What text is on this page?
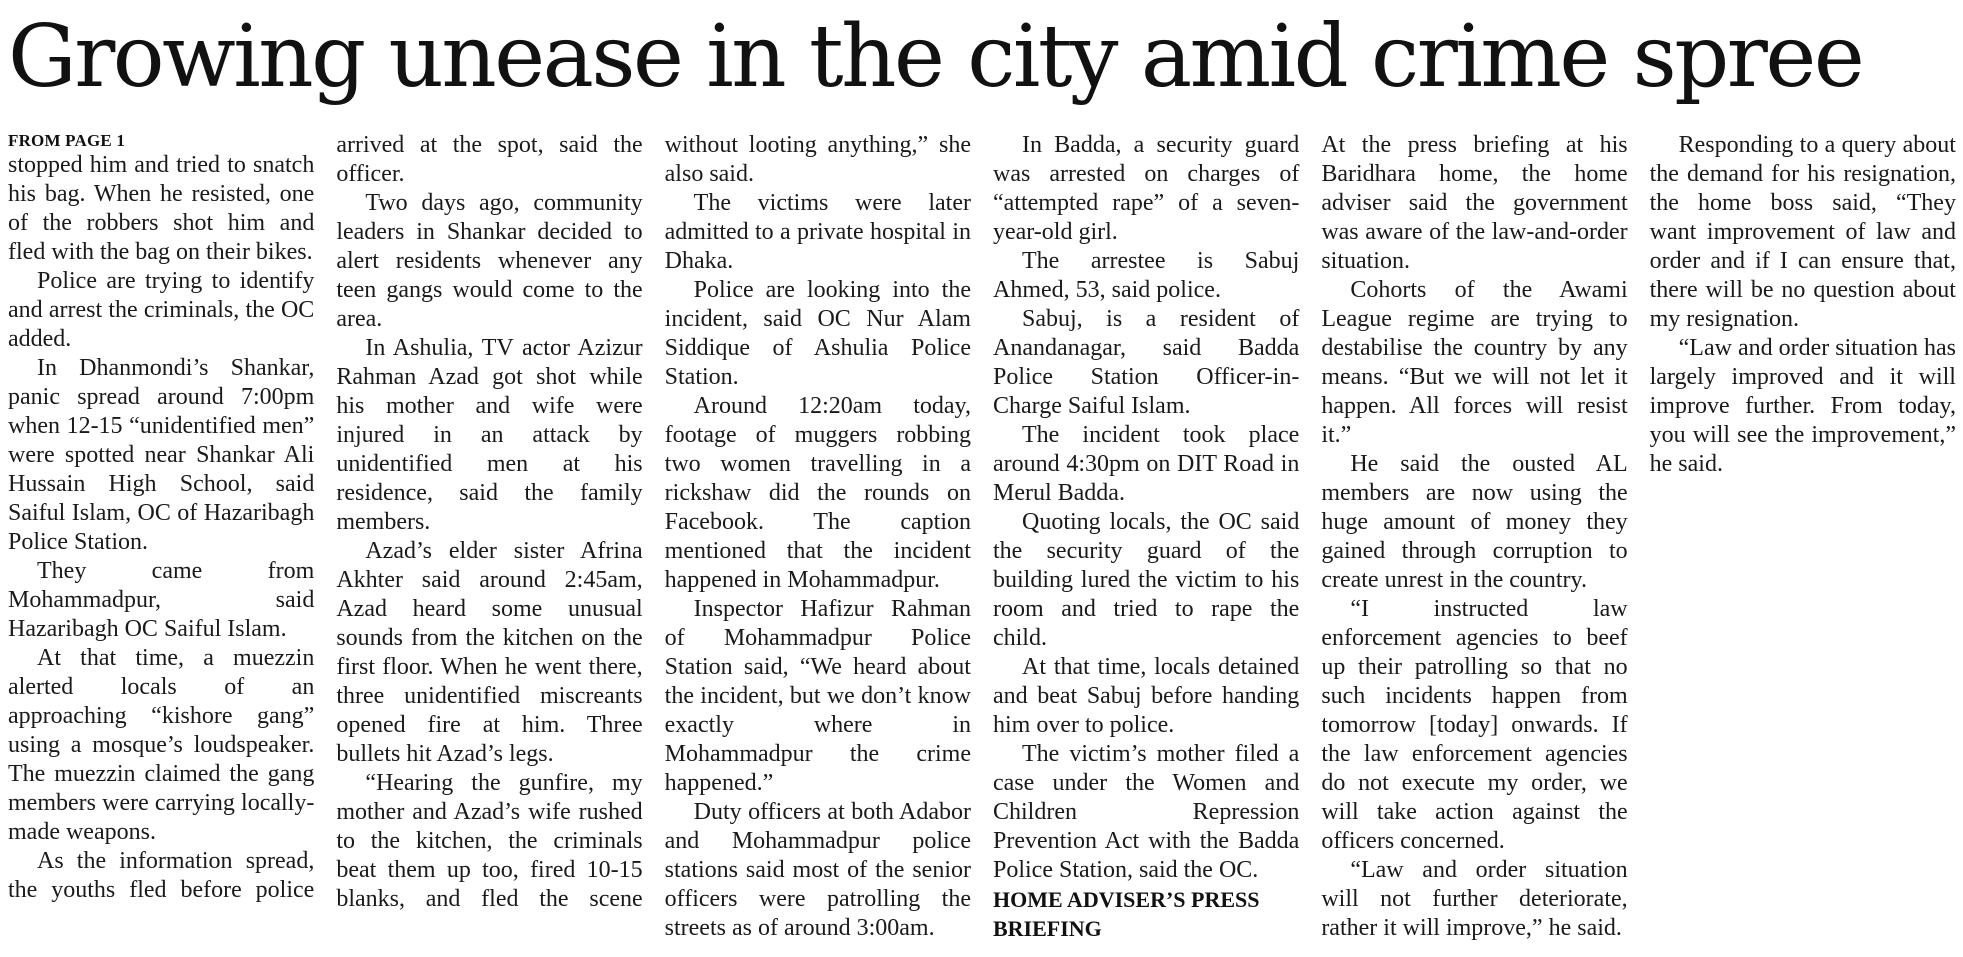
Growing unease in the city amid crime spree
FROM PAGE 1

stopped him and tried to snatch his bag. When he resisted, one of the robbers shot him and fled with the bag on their bikes.

Police are trying to identify and arrest the criminals, the OC added.

In Dhanmondi’s Shankar, panic spread around 7:00pm when 12-15 “unidentified men” were spotted near Shankar Ali Hussain High School, said Saiful Islam, OC of Hazaribagh Police Station.

They came from Mohammadpur, said Hazaribagh OC Saiful Islam.

At that time, a muezzin alerted locals of an approaching “kishore gang” using a mosque’s loudspeaker. The muezzin claimed the gang members were carrying locally-made weapons.

As the information spread, the youths fled before police arrived at the spot, said the officer.

Two days ago, community leaders in Shankar decided to alert residents whenever any teen gangs would come to the area.

In Ashulia, TV actor Azizur Rahman Azad got shot while his mother and wife were injured in an attack by unidentified men at his residence, said the family members.

Azad’s elder sister Afrina Akhter said around 2:45am, Azad heard some unusual sounds from the kitchen on the first floor. When he went there, three unidentified miscreants opened fire at him. Three bullets hit Azad’s legs.

“Hearing the gunfire, my mother and Azad’s wife rushed to the kitchen, the criminals beat them up too, fired 10-15 blanks, and fled the scene without looting anything,” she also said.

The victims were later admitted to a private hospital in Dhaka.

Police are looking into the incident, said OC Nur Alam Siddique of Ashulia Police Station.

Around 12:20am today, footage of muggers robbing two women travelling in a rickshaw did the rounds on Facebook. The caption mentioned that the incident happened in Mohammadpur.

Inspector Hafizur Rahman of Mohammadpur Police Station said, “We heard about the incident, but we don’t know exactly where in Mohammadpur the crime happened.”

Duty officers at both Adabor and Mohammadpur police stations said most of the senior officers were patrolling the streets as of around 3:00am.

In Badda, a security guard was arrested on charges of “attempted rape” of a seven-year-old girl.

The arrestee is Sabuj Ahmed, 53, said police.

Sabuj, is a resident of Anandanagar, said Badda Police Station Officer-in-Charge Saiful Islam.

The incident took place around 4:30pm on DIT Road in Merul Badda.

Quoting locals, the OC said the security guard of the building lured the victim to his room and tried to rape the child.

At that time, locals detained and beat Sabuj before handing him over to police.

The victim’s mother filed a case under the Women and Children Repression Prevention Act with the Badda Police Station, said the OC.

HOME ADVISER’S PRESS BRIEFING

At the press briefing at his Baridhara home, the home adviser said the government was aware of the law-and-order situation.

Cohorts of the Awami League regime are trying to destabilise the country by any means. “But we will not let it happen. All forces will resist it.”

He said the ousted AL members are now using the huge amount of money they gained through corruption to create unrest in the country.

“I instructed law enforcement agencies to beef up their patrolling so that no such incidents happen from tomorrow [today] onwards. If the law enforcement agencies do not execute my order, we will take action against the officers concerned.

“Law and order situation will not further deteriorate, rather it will improve,” he said.

Responding to a query about the demand for his resignation, the home boss said, “They want improvement of law and order and if I can ensure that, there will be no question about my resignation.

“Law and order situation has largely improved and it will improve further. From today, you will see the improvement,” he said.
